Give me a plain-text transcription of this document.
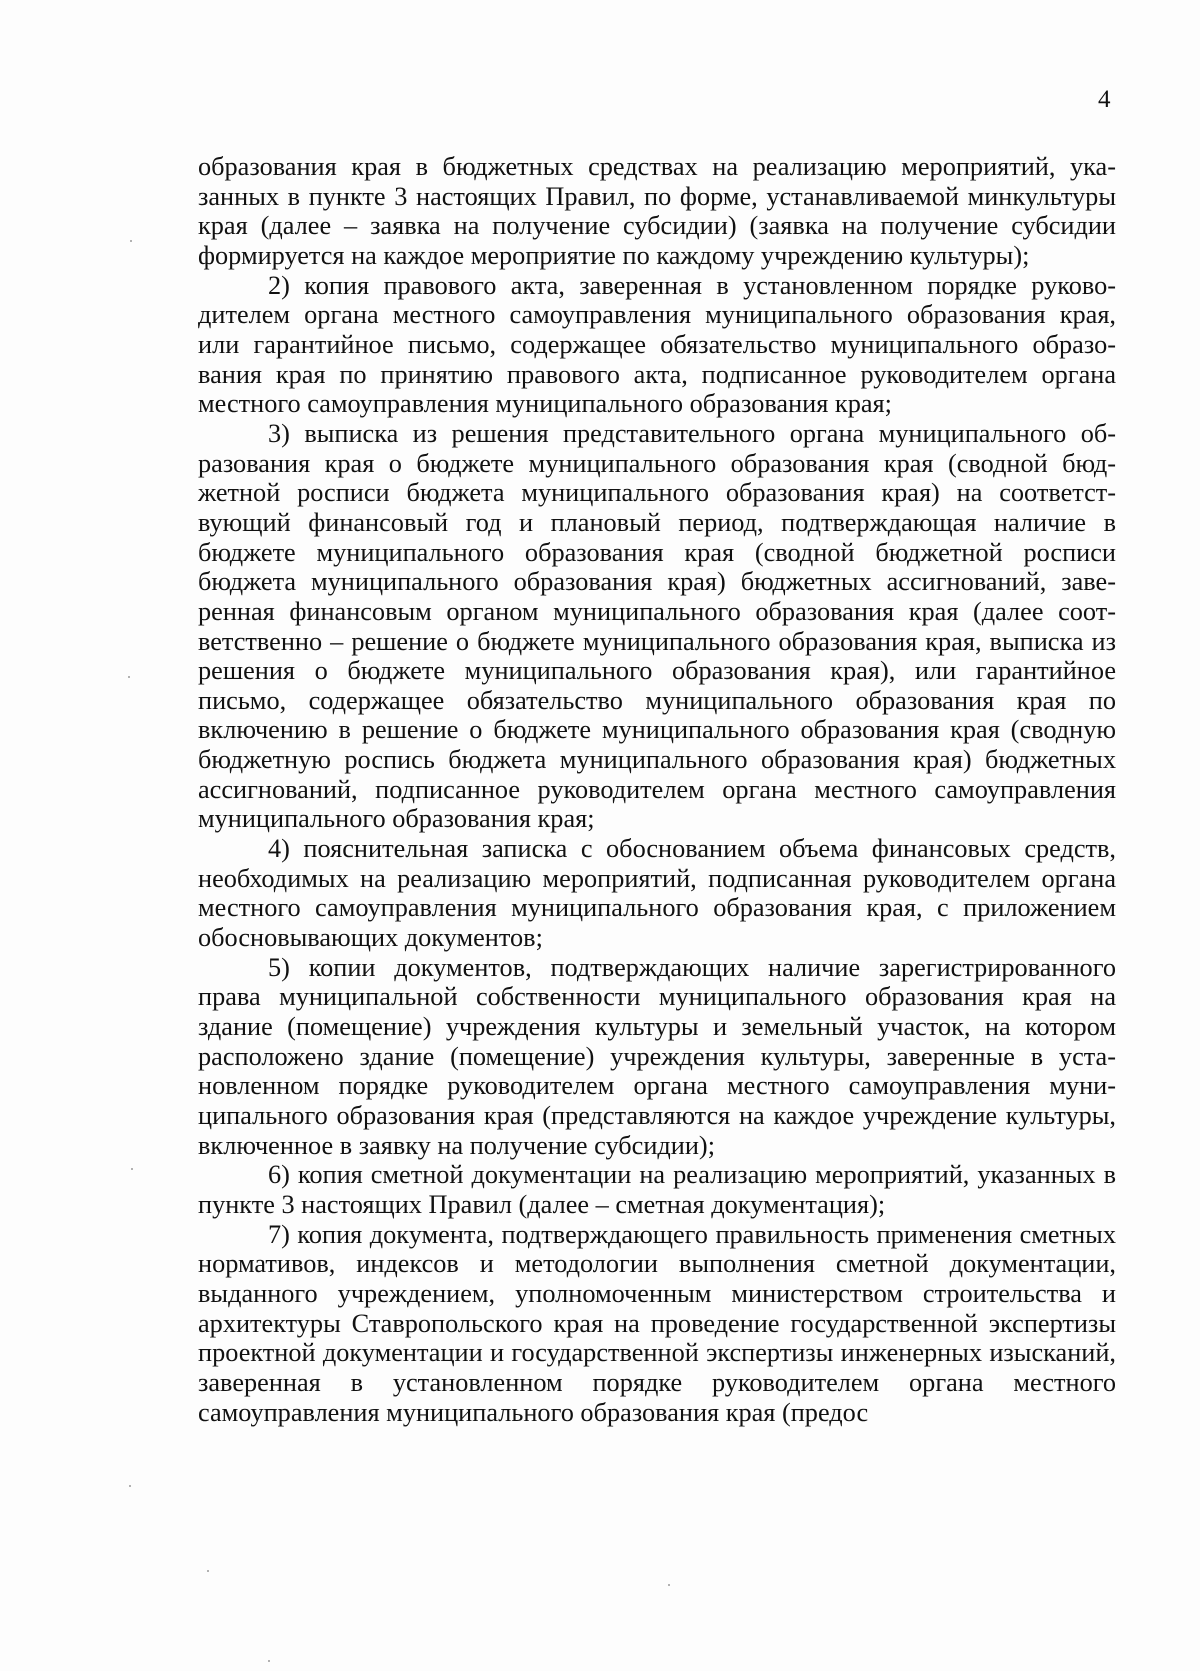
4

образования края в бюджетных средствах на реализацию мероприятий, указанных в пункте 3 настоящих Правил, по форме, устанавливаемой минкультуры края (далее – заявка на получение субсидии) (заявка на получение субсидии формируется на каждое мероприятие по каждому учреждению культуры);

2) копия правового акта, заверенная в установленном порядке руководителем органа местного самоуправления муниципального образования края, или гарантийное письмо, содержащее обязательство муниципального образования края по принятию правового акта, подписанное руководителем органа местного самоуправления муниципального образования края;

3) выписка из решения представительного органа муниципального образования края о бюджете муниципального образования края (сводной бюджетной росписи бюджета муниципального образования края) на соответствующий финансовый год и плановый период, подтверждающая наличие в бюджете муниципального образования края (сводной бюджетной росписи бюджета муниципального образования края) бюджетных ассигнований, заверенная финансовым органом муниципального образования края (далее соответственно – решение о бюджете муниципального образования края, выписка из решения о бюджете муниципального образования края), или гарантийное письмо, содержащее обязательство муниципального образования края по включению в решение о бюджете муниципального образования края (сводную бюджетную роспись бюджета муниципального образования края) бюджетных ассигнований, подписанное руководителем органа местного самоуправления муниципального образования края;

4) пояснительная записка с обоснованием объема финансовых средств, необходимых на реализацию мероприятий, подписанная руководителем органа местного самоуправления муниципального образования края, с приложением обосновывающих документов;

5) копии документов, подтверждающих наличие зарегистрированного права муниципальной собственности муниципального образования края на здание (помещение) учреждения культуры и земельный участок, на котором расположено здание (помещение) учреждения культуры, заверенные в установленном порядке руководителем органа местного самоуправления муниципального образования края (представляются на каждое учреждение культуры, включенное в заявку на получение субсидии);

6) копия сметной документации на реализацию мероприятий, указанных в пункте 3 настоящих Правил (далее – сметная документация);

7) копия документа, подтверждающего правильность применения сметных нормативов, индексов и методологии выполнения сметной документации, выданного учреждением, уполномоченным министерством строительства и архитектуры Ставропольского края на проведение государственной экспертизы проектной документации и государственной экспертизы инженерных изысканий, заверенная в установленном порядке руководителем органа местного самоуправления муниципального образования края (предос
